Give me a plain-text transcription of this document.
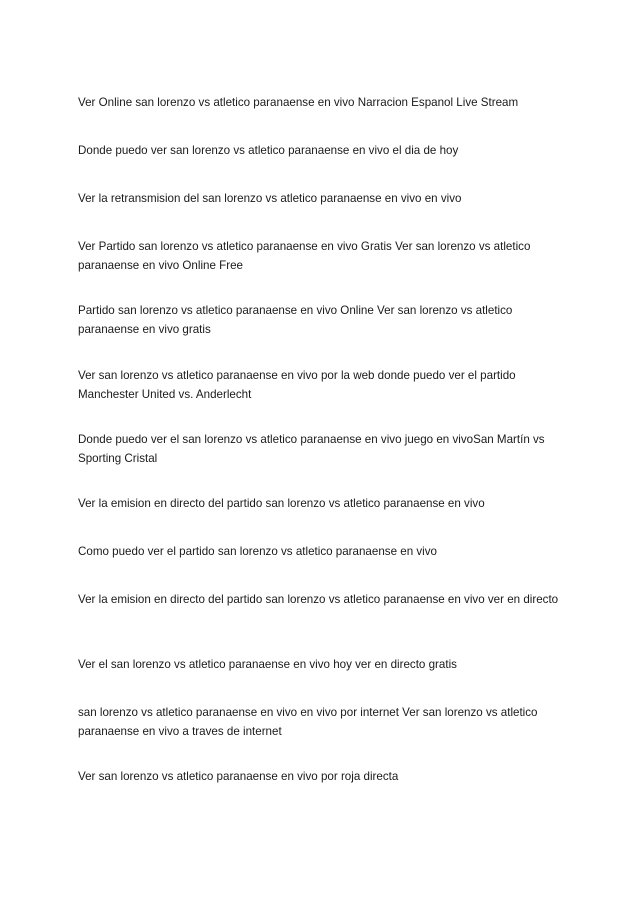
Ver Online san lorenzo vs atletico paranaense en vivo Narracion Espanol Live Stream

Donde puedo ver san lorenzo vs atletico paranaense en vivo el dia de hoy

Ver la retransmision del san lorenzo vs atletico paranaense en vivo en vivo

Ver Partido san lorenzo vs atletico paranaense en vivo Gratis Ver san lorenzo vs atletico paranaense en vivo Online Free

Partido san lorenzo vs atletico paranaense en vivo Online Ver san lorenzo vs atletico paranaense en vivo gratis

Ver san lorenzo vs atletico paranaense en vivo por la web donde puedo ver el partido Manchester United vs. Anderlecht

Donde puedo ver el san lorenzo vs atletico paranaense en vivo juego en vivoSan Martín vs Sporting Cristal

Ver la emision en directo del partido san lorenzo vs atletico paranaense en vivo

Como puedo ver el partido san lorenzo vs atletico paranaense en vivo

Ver la emision en directo del partido san lorenzo vs atletico paranaense en vivo ver en directo

Ver el san lorenzo vs atletico paranaense en vivo hoy ver en directo gratis

san lorenzo vs atletico paranaense en vivo en vivo por internet Ver san lorenzo vs atletico paranaense en vivo a traves de internet

Ver san lorenzo vs atletico paranaense en vivo por roja directa
